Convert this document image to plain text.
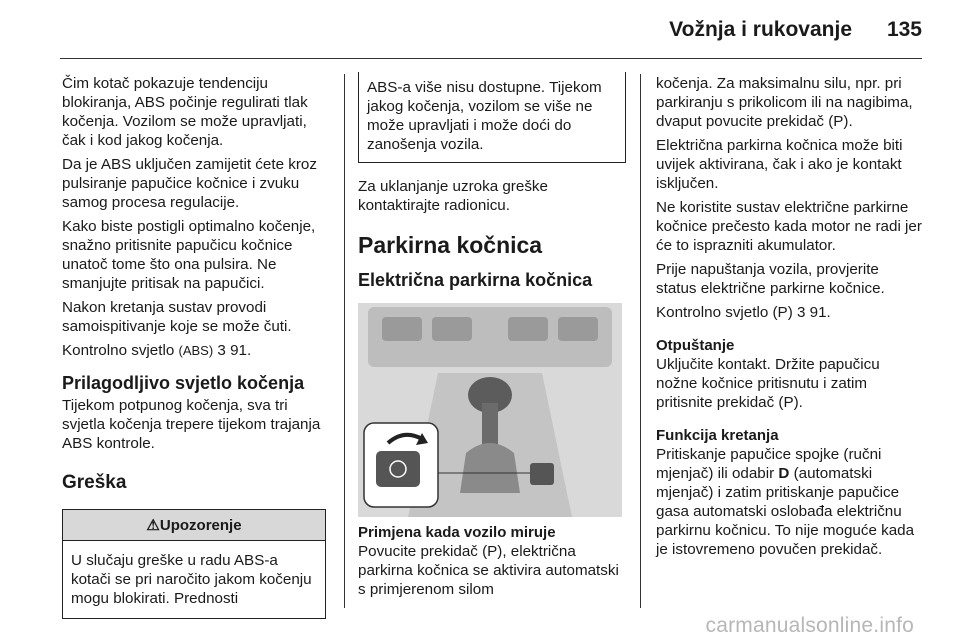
Vožnja i rukovanje 135

Čim kotač pokazuje tendenciju blokiranja, ABS počinje regulirati tlak kočenja. Vozilom se može upravljati, čak i kod jakog kočenja.

Da je ABS uključen zamijetit ćete kroz pulsiranje papučice kočnice i zvuku samog procesa regulacije.

Kako biste postigli optimalno kočenje, snažno pritisnite papučicu kočnice unatoč tome što ona pulsira. Ne smanjujte pritisak na papučici.

Nakon kretanja sustav provodi samoispitivanje koje se može čuti.

Kontrolno svjetlo (ABS) 3 91.

Prilagodljivo svjetlo kočenja

Tijekom potpunog kočenja, sva tri svjetla kočenja trepere tijekom trajanja ABS kontrole.

Greška
⚠Upozorenje
U slučaju greške u radu ABS-a kotači se pri naročito jakom kočenju mogu blokirati. Prednosti
ABS-a više nisu dostupne. Tijekom jakog kočenja, vozilom se više ne može upravljati i može doći do zanošenja vozila.

Za uklanjanje uzroka greške kontaktirajte radionicu.

Parkirna kočnica
Električna parkirna kočnica
Primjena kada vozilo miruje

Povucite prekidač (P), električna parkirna kočnica se aktivira automatski s primjerenom silom

kočenja. Za maksimalnu silu, npr. pri parkiranju s prikolicom ili na nagibima, dvaput povucite prekidač (P).

Električna parkirna kočnica može biti uvijek aktivirana, čak i ako je kontakt isključen.

Ne koristite sustav električne parkirne kočnice prečesto kada motor ne radi jer će to isprazniti akumulator.

Prije napuštanja vozila, provjerite status električne parkirne kočnice.

Kontrolno svjetlo (P) 3 91.

Otpuštanje

Uključite kontakt. Držite papučicu nožne kočnice pritisnutu i zatim pritisnite prekidač (P).

Funkcija kretanja

Pritiskanje papučice spojke (ručni mjenjač) ili odabir D (automatski mjenjač) i zatim pritiskanje papučice gasa automatski oslobađa električnu parkirnu kočnicu. To nije moguće kada je istovremeno povučen prekidač.

carmanualsonline.info
